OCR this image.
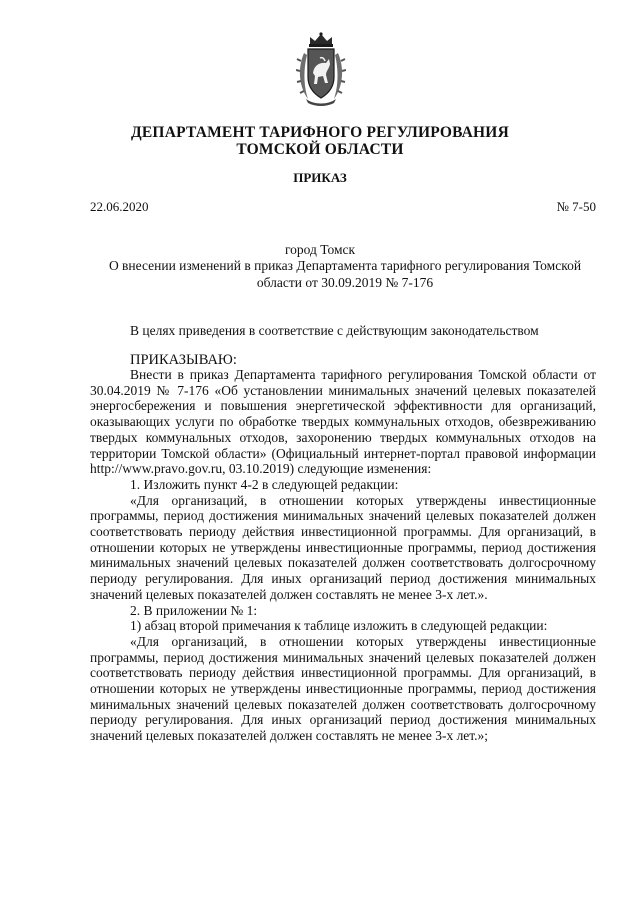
ДЕПАРТАМЕНТ ТАРИФНОГО РЕГУЛИРОВАНИЯ
ТОМСКОЙ ОБЛАСТИ
ПРИКАЗ
22.06.2020	№ 7-50
город Томск
О внесении изменений в приказ Департамента тарифного регулирования Томской области от 30.09.2019 № 7-176
В целях приведения в соответствие с действующим законодательством
ПРИКАЗЫВАЮ:

Внести в приказ Департамента тарифного регулирования Томской области от 30.04.2019 № 7-176 «Об установлении минимальных значений целевых показателей энергосбережения и повышения энергетической эффективности для организаций, оказывающих услуги по обработке твердых коммунальных отходов, обезвреживанию твердых коммунальных отходов, захоронению твердых коммунальных отходов на территории Томской области» (Официальный интернет-портал правовой информации http://www.pravo.gov.ru, 03.10.2019) следующие изменения:

1. Изложить пункт 4-2 в следующей редакции:

«Для организаций, в отношении которых утверждены инвестиционные программы, период достижения минимальных значений целевых показателей должен соответствовать периоду действия инвестиционной программы. Для организаций, в отношении которых не утверждены инвестиционные программы, период достижения минимальных значений целевых показателей должен соответствовать долгосрочному периоду регулирования. Для иных организаций период достижения минимальных значений целевых показателей должен составлять не менее 3-х лет.».

2. В приложении № 1:

1) абзац второй примечания к таблице изложить в следующей редакции:

«Для организаций, в отношении которых утверждены инвестиционные программы, период достижения минимальных значений целевых показателей должен соответствовать периоду действия инвестиционной программы. Для организаций, в отношении которых не утверждены инвестиционные программы, период достижения минимальных значений целевых показателей должен соответствовать долгосрочному периоду регулирования. Для иных организаций период достижения минимальных значений целевых показателей должен составлять не менее 3-х лет.»;
